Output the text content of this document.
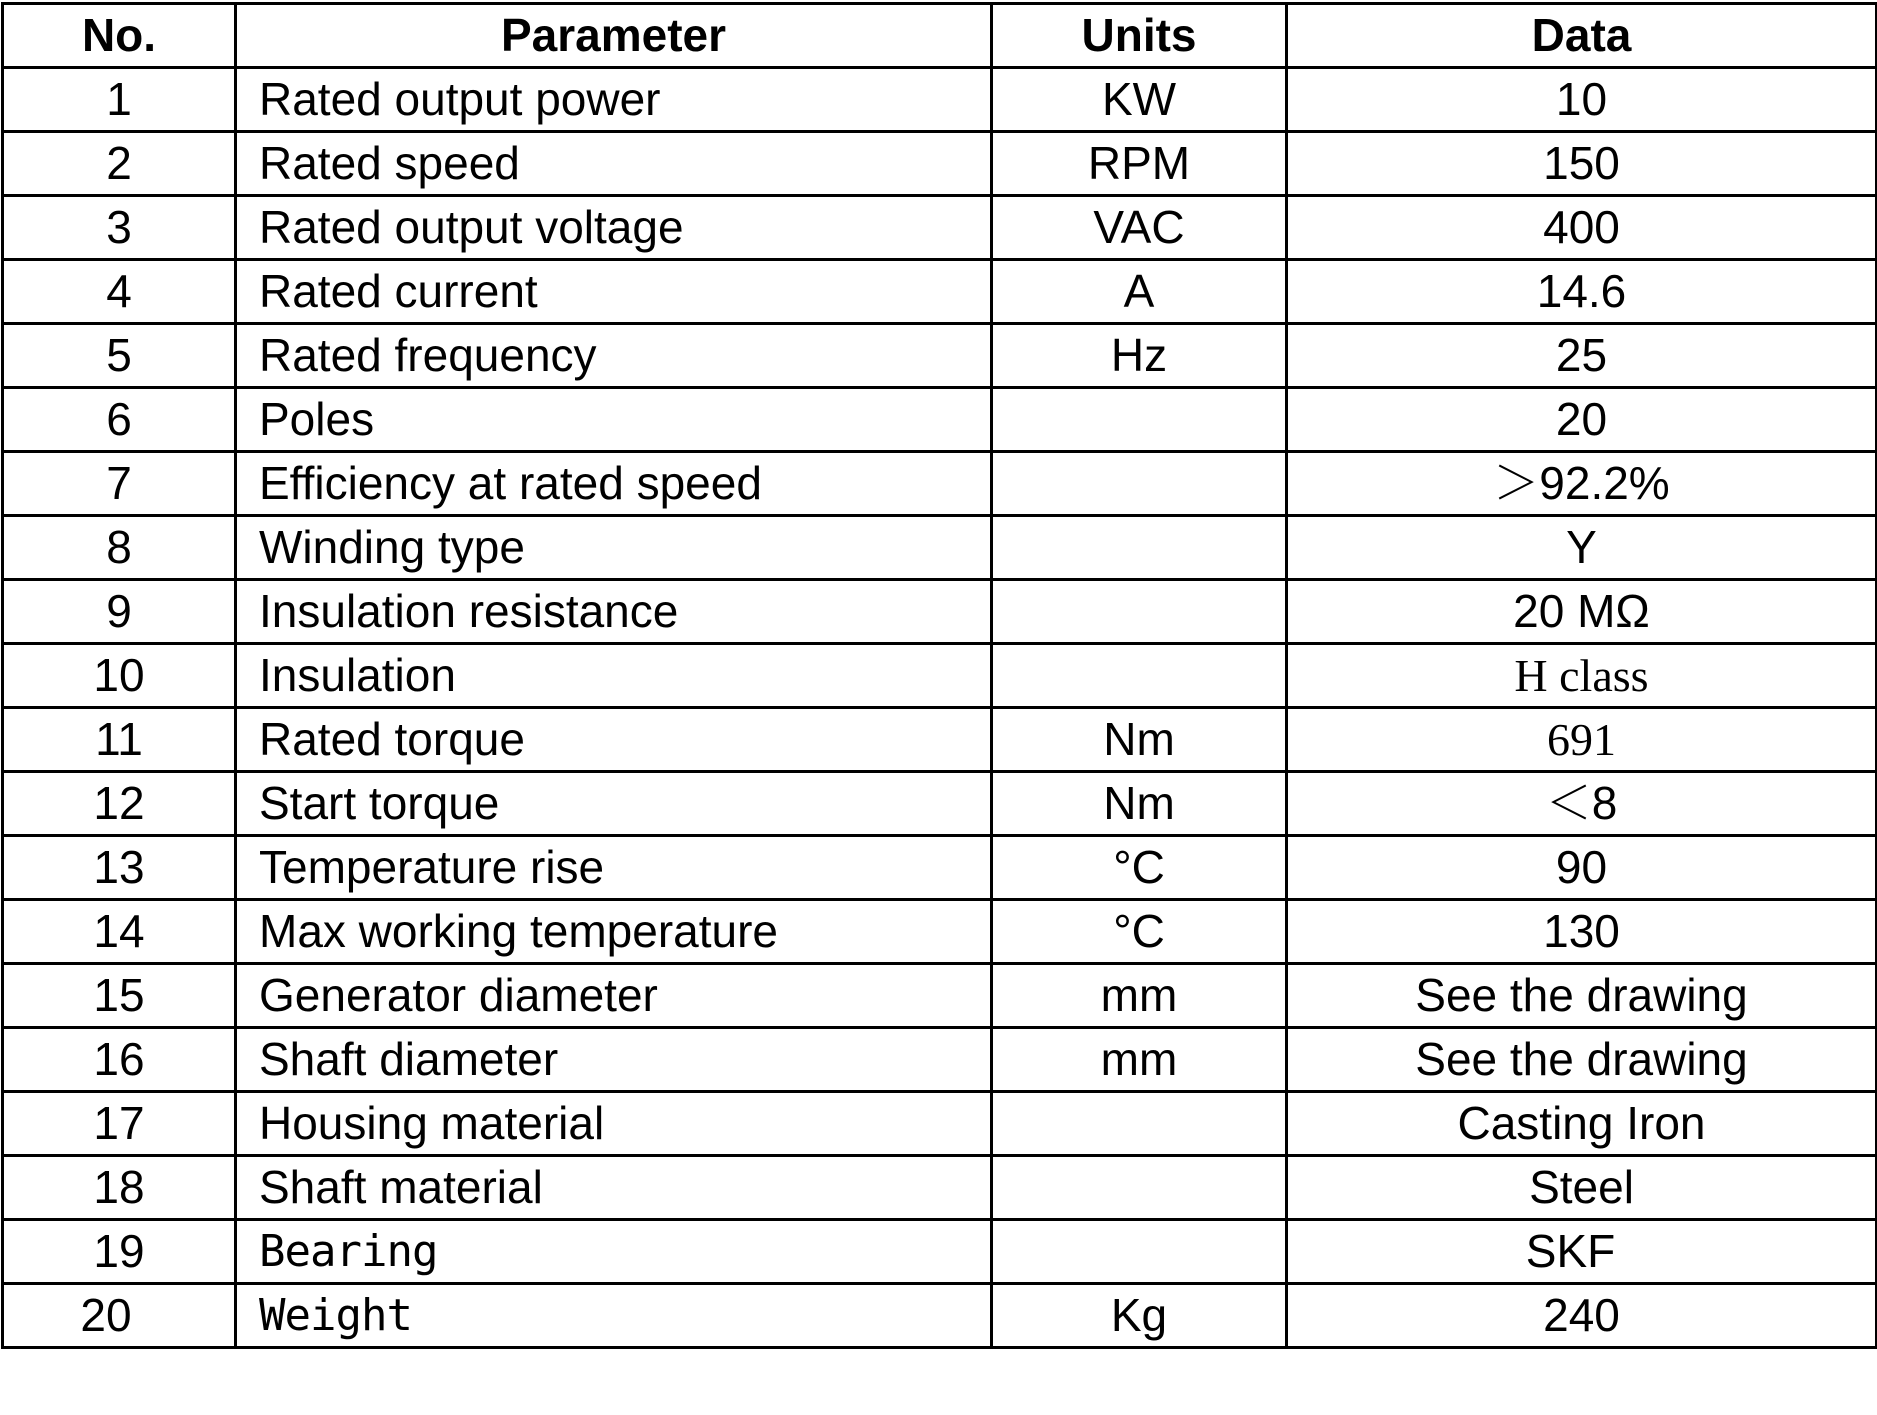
No.	Parameter	Units	Data
1	Rated output power	KW	10
2	Rated speed	RPM	150
3	Rated output voltage	VAC	400
4	Rated current	A	14.6
5	Rated frequency	Hz	25
6	Poles		20
7	Efficiency at rated speed		＞92.2%
8	Winding type		Y
9	Insulation resistance		20 MΩ
10	Insulation		H class
11	Rated torque	Nm	691
12	Start torque	Nm	＜8
13	Temperature rise	°C	90
14	Max working temperature	°C	130
15	Generator diameter	mm	See the drawing
16	Shaft diameter	mm	See the drawing
17	Housing material		Casting Iron
18	Shaft material		Steel
19	Bearing		SKF
20	Weight	Kg	240
